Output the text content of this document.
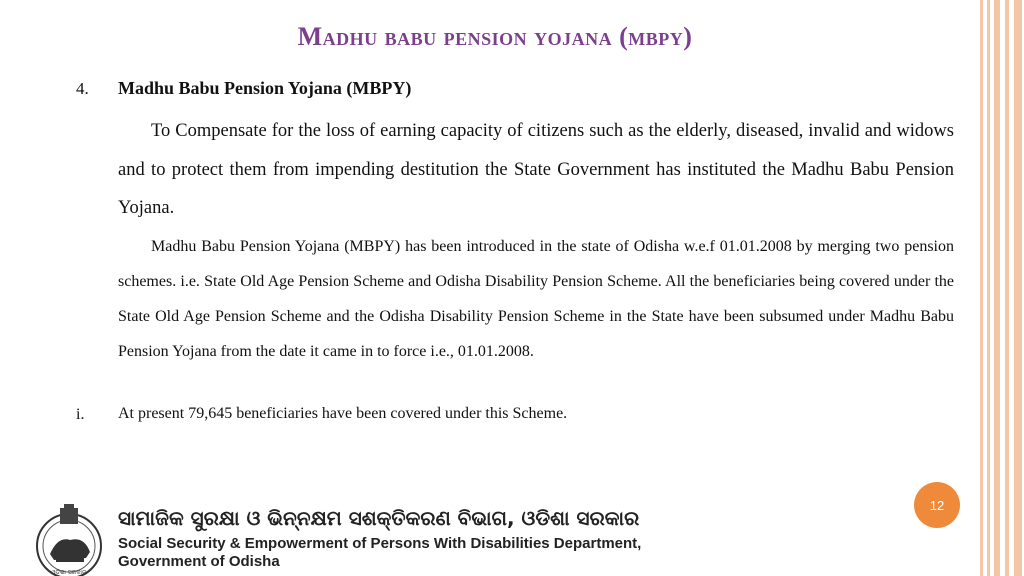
Madhu babu pension yojana (mbpy)
4. Madhu Babu Pension Yojana (MBPY)
To Compensate for the loss of earning capacity of citizens such as the elderly, diseased, invalid and widows and to protect them from impending destitution the State Government has instituted the Madhu Babu Pension Yojana.
Madhu Babu Pension Yojana (MBPY) has been introduced in the state of Odisha w.e.f 01.01.2008 by merging two pension schemes. i.e. State Old Age Pension Scheme and Odisha Disability Pension Scheme. All the beneficiaries being covered under the State Old Age Pension Scheme and the Odisha Disability Pension Scheme in the State have been subsumed under Madhu Babu Pension Yojana from the date it came in to force i.e., 01.01.2008.
i. At present 79,645 beneficiaries have been covered under this Scheme.
12
ଓଡ଼ିଶା ସରକାର
ସାମାଜିକ ସୁରକ୍ଷା ଓ ଭିନ୍ନକ୍ଷମ ସଶକ୍ତିକରଣ ବିଭାଗ, ଓଡିଶା ସରକାର
Social Security & Empowerment of Persons With Disabilities Department,
Government of Odisha
